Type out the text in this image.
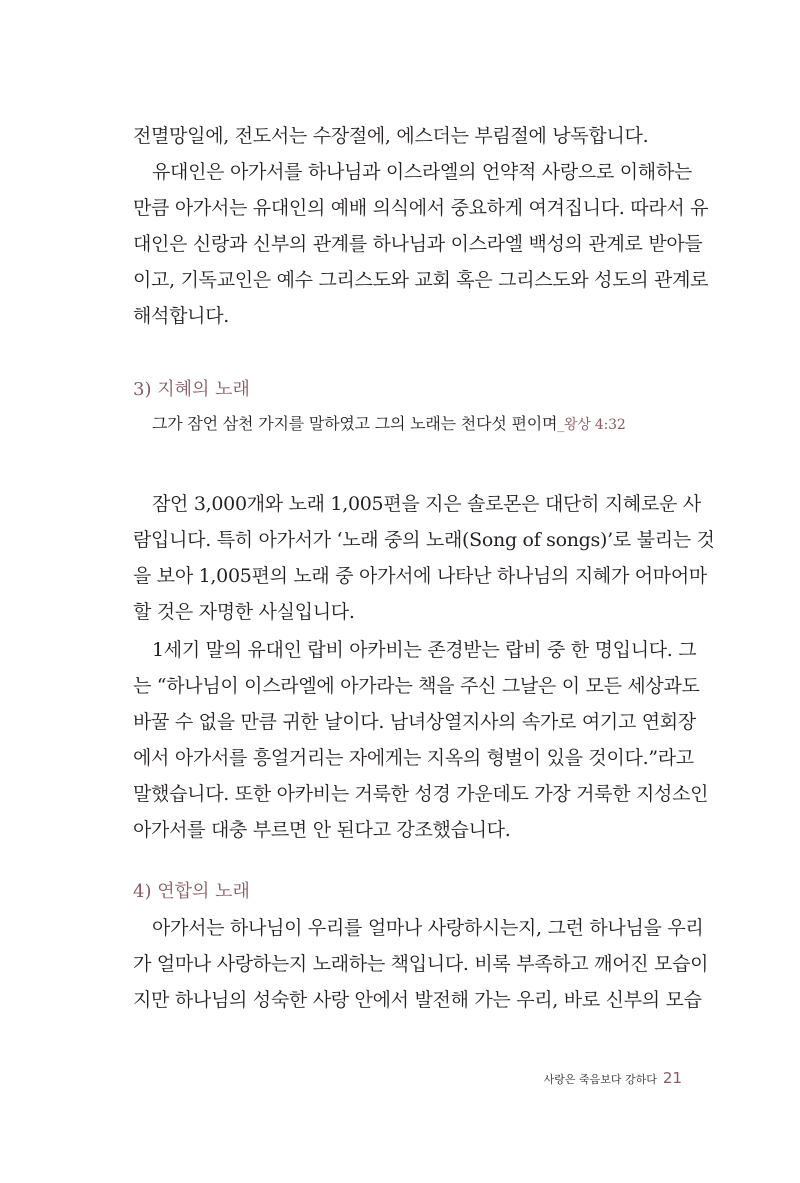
전멸망일에, 전도서는 수장절에, 에스더는 부림절에 낭독합니다.
유대인은 아가서를 하나님과 이스라엘의 언약적 사랑으로 이해하는
만큼 아가서는 유대인의 예배 의식에서 중요하게 여겨집니다. 따라서 유
대인은 신랑과 신부의 관계를 하나님과 이스라엘 백성의 관계로 받아들
이고, 기독교인은 예수 그리스도와 교회 혹은 그리스도와 성도의 관계로
해석합니다.
3) 지혜의 노래
그가 잠언 삼천 가지를 말하였고 그의 노래는 천다섯 편이며_왕상 4:32
잠언 3,000개와 노래 1,005편을 지은 솔로몬은 대단히 지혜로운 사
람입니다. 특히 아가서가 ‘노래 중의 노래(Song of songs)’로 불리는 것
을 보아 1,005편의 노래 중 아가서에 나타난 하나님의 지혜가 어마어마
할 것은 자명한 사실입니다.
1세기 말의 유대인 랍비 아카비는 존경받는 랍비 중 한 명입니다. 그
는 “하나님이 이스라엘에 아가라는 책을 주신 그날은 이 모든 세상과도
바꿀 수 없을 만큼 귀한 날이다. 남녀상열지사의 속가로 여기고 연회장
에서 아가서를 흥얼거리는 자에게는 지옥의 형벌이 있을 것이다.”라고
말했습니다. 또한 아카비는 거룩한 성경 가운데도 가장 거룩한 지성소인
아가서를 대충 부르면 안 된다고 강조했습니다.
4) 연합의 노래
아가서는 하나님이 우리를 얼마나 사랑하시는지, 그런 하나님을 우리
가 얼마나 사랑하는지 노래하는 책입니다. 비록 부족하고 깨어진 모습이
지만 하나님의 성숙한 사랑 안에서 발전해 가는 우리, 바로 신부의 모습
사랑은 죽음보다 강하다 21
